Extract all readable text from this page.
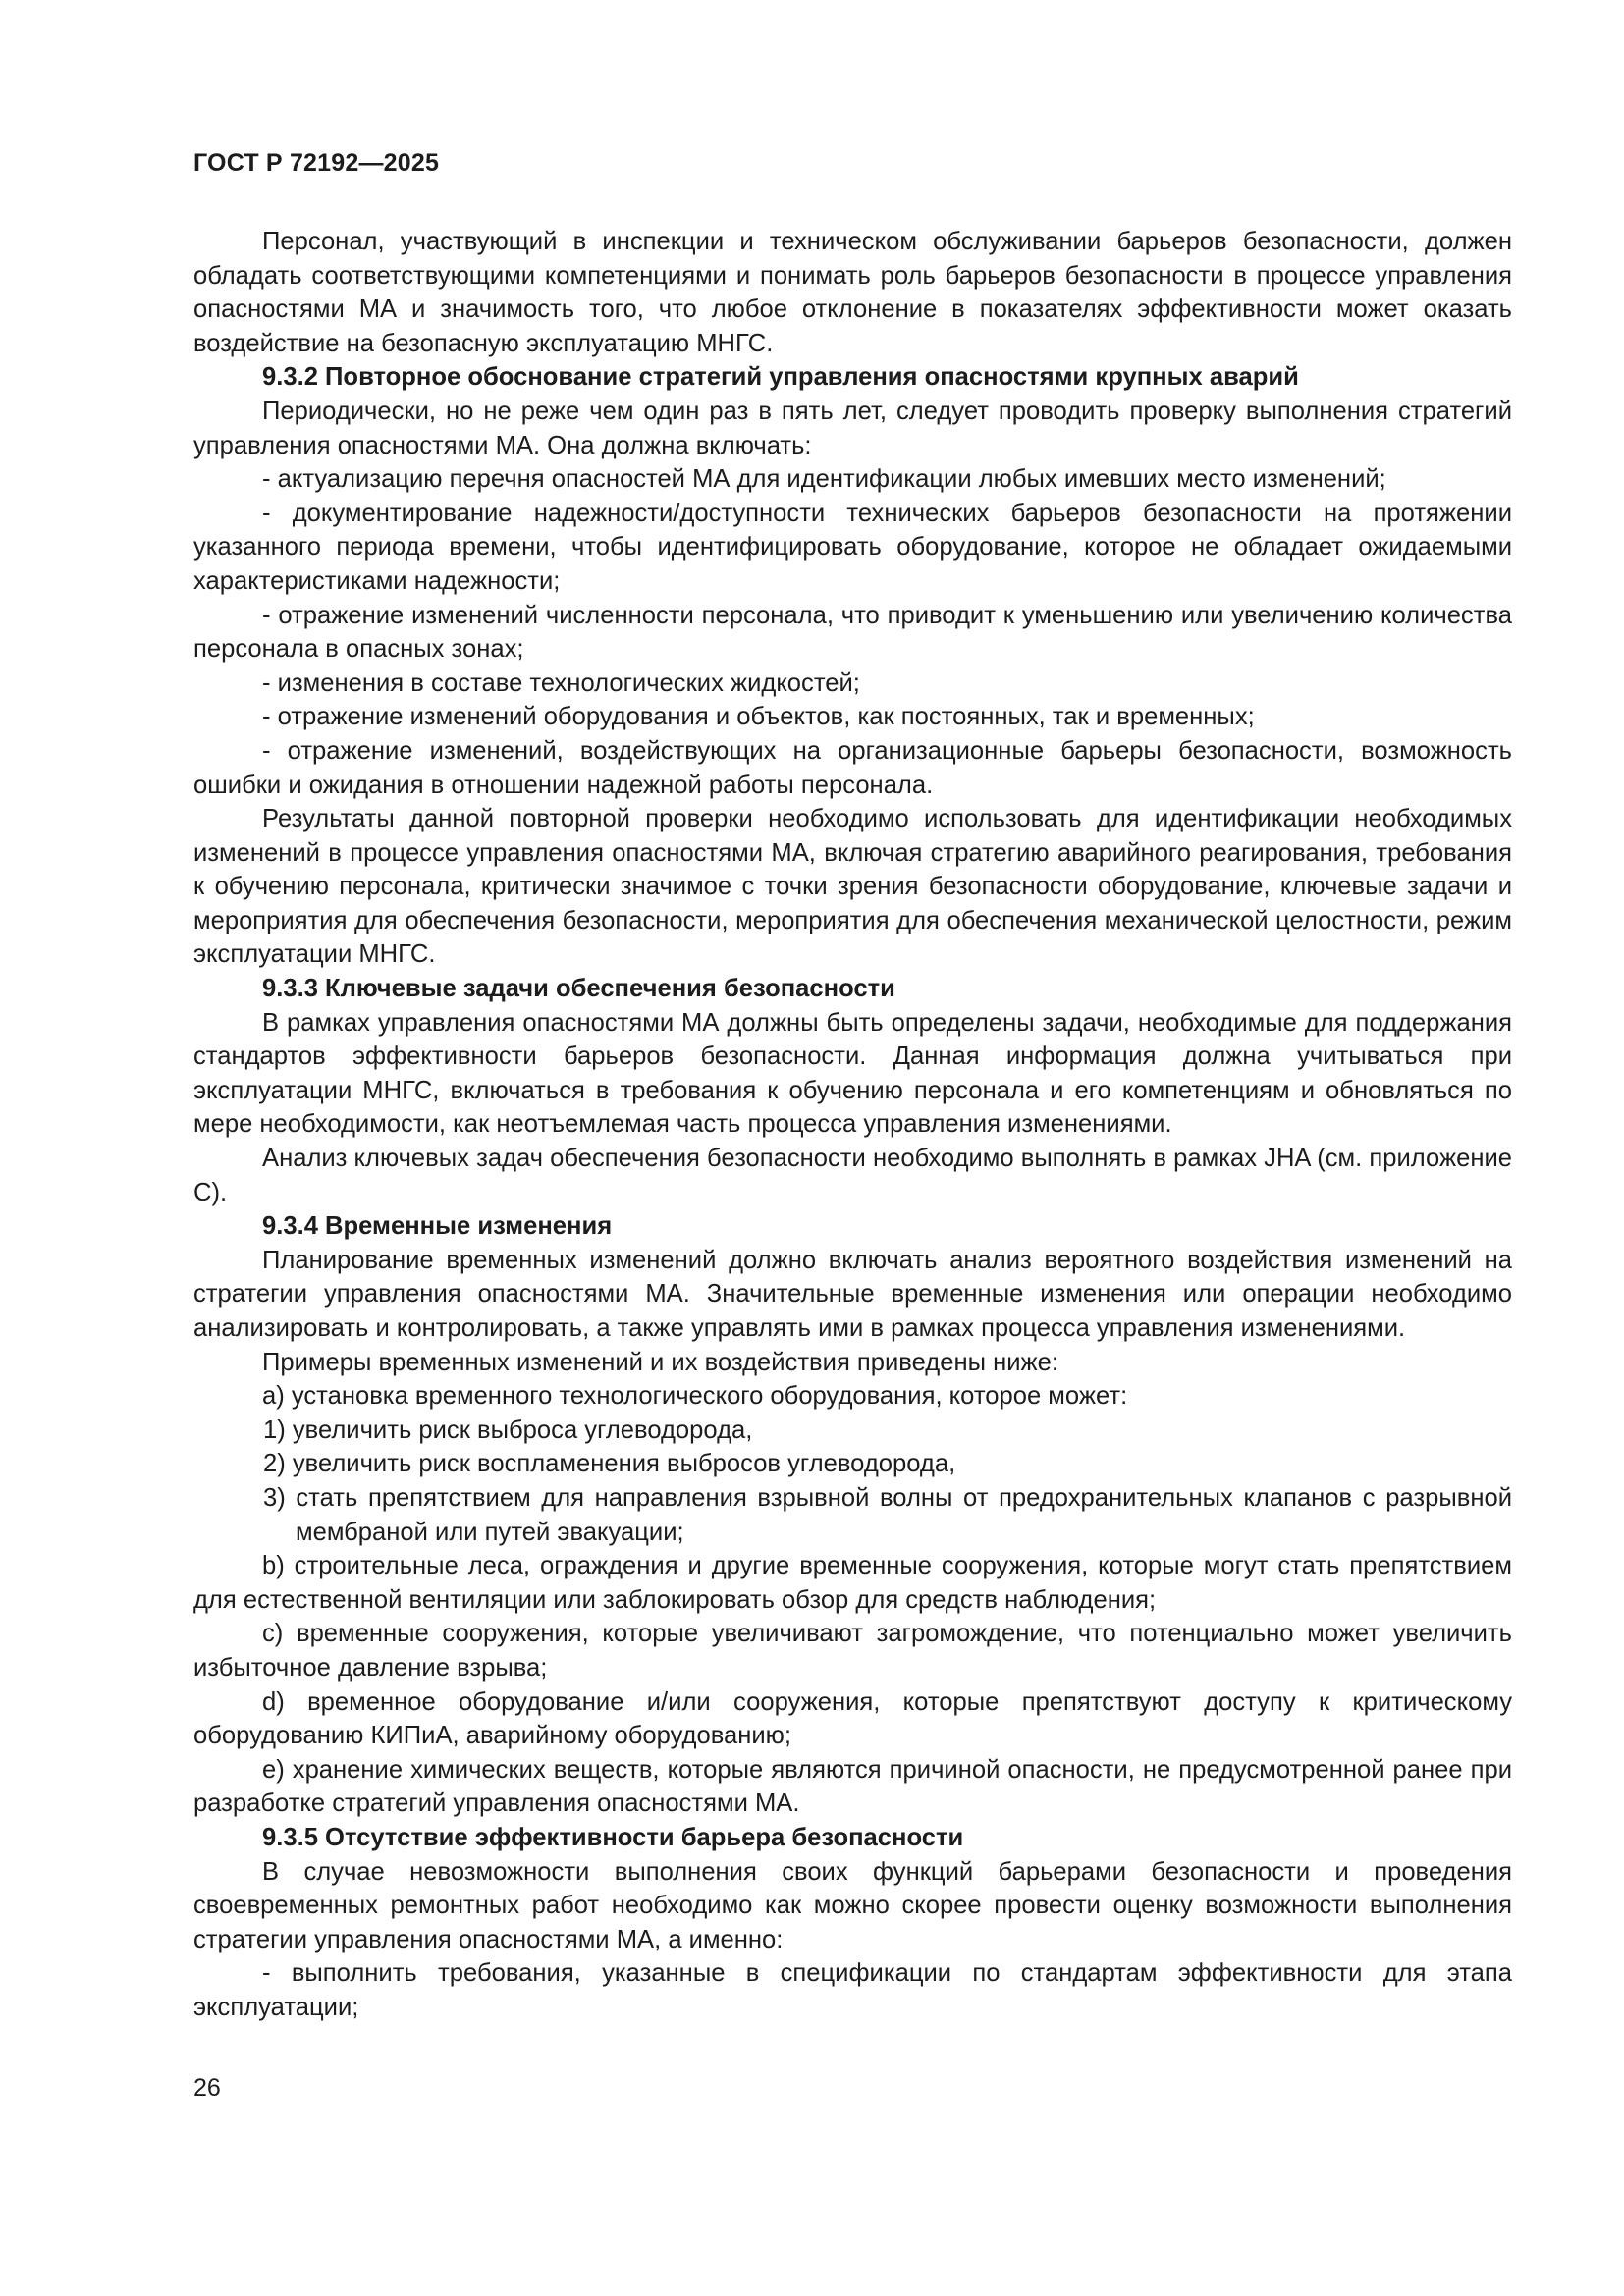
ГОСТ Р 72192—2025

Персонал, участвующий в инспекции и техническом обслуживании барьеров безопасности, должен обладать соответствующими компетенциями и понимать роль барьеров безопасности в процессе управления опасностями МА и значимость того, что любое отклонение в показателях эффективности может оказать воздействие на безопасную эксплуатацию МНГС.

9.3.2 Повторное обоснование стратегий управления опасностями крупных аварий

Периодически, но не реже чем один раз в пять лет, следует проводить проверку выполнения стратегий управления опасностями МА. Она должна включать:

- актуализацию перечня опасностей МА для идентификации любых имевших место изменений;

- документирование надежности/доступности технических барьеров безопасности на протяжении указанного периода времени, чтобы идентифицировать оборудование, которое не обладает ожидаемыми характеристиками надежности;

- отражение изменений численности персонала, что приводит к уменьшению или увеличению количества персонала в опасных зонах;

- изменения в составе технологических жидкостей;

- отражение изменений оборудования и объектов, как постоянных, так и временных;

- отражение изменений, воздействующих на организационные барьеры безопасности, возможность ошибки и ожидания в отношении надежной работы персонала.

Результаты данной повторной проверки необходимо использовать для идентификации необходимых изменений в процессе управления опасностями МА, включая стратегию аварийного реагирования, требования к обучению персонала, критически значимое с точки зрения безопасности оборудование, ключевые задачи и мероприятия для обеспечения безопасности, мероприятия для обеспечения механической целостности, режим эксплуатации МНГС.

9.3.3 Ключевые задачи обеспечения безопасности

В рамках управления опасностями МА должны быть определены задачи, необходимые для поддержания стандартов эффективности барьеров безопасности. Данная информация должна учитываться при эксплуатации МНГС, включаться в требования к обучению персонала и его компетенциям и обновляться по мере необходимости, как неотъемлемая часть процесса управления изменениями.

Анализ ключевых задач обеспечения безопасности необходимо выполнять в рамках JHA (см. приложение С).

9.3.4 Временные изменения

Планирование временных изменений должно включать анализ вероятного воздействия изменений на стратегии управления опасностями МА. Значительные временные изменения или операции необходимо анализировать и контролировать, а также управлять ими в рамках процесса управления изменениями.

Примеры временных изменений и их воздействия приведены ниже:

a) установка временного технологического оборудования, которое может:

1) увеличить риск выброса углеводорода,

2) увеличить риск воспламенения выбросов углеводорода,

3) стать препятствием для направления взрывной волны от предохранительных клапанов с разрывной мембраной или путей эвакуации;

b) строительные леса, ограждения и другие временные сооружения, которые могут стать препятствием для естественной вентиляции или заблокировать обзор для средств наблюдения;

c) временные сооружения, которые увеличивают загромождение, что потенциально может увеличить избыточное давление взрыва;

d) временное оборудование и/или сооружения, которые препятствуют доступу к критическому оборудованию КИПиА, аварийному оборудованию;

e) хранение химических веществ, которые являются причиной опасности, не предусмотренной ранее при разработке стратегий управления опасностями МА.

9.3.5 Отсутствие эффективности барьера безопасности

В случае невозможности выполнения своих функций барьерами безопасности и проведения своевременных ремонтных работ необходимо как можно скорее провести оценку возможности выполнения стратегии управления опасностями МА, а именно:

- выполнить требования, указанные в спецификации по стандартам эффективности для этапа эксплуатации;

26
